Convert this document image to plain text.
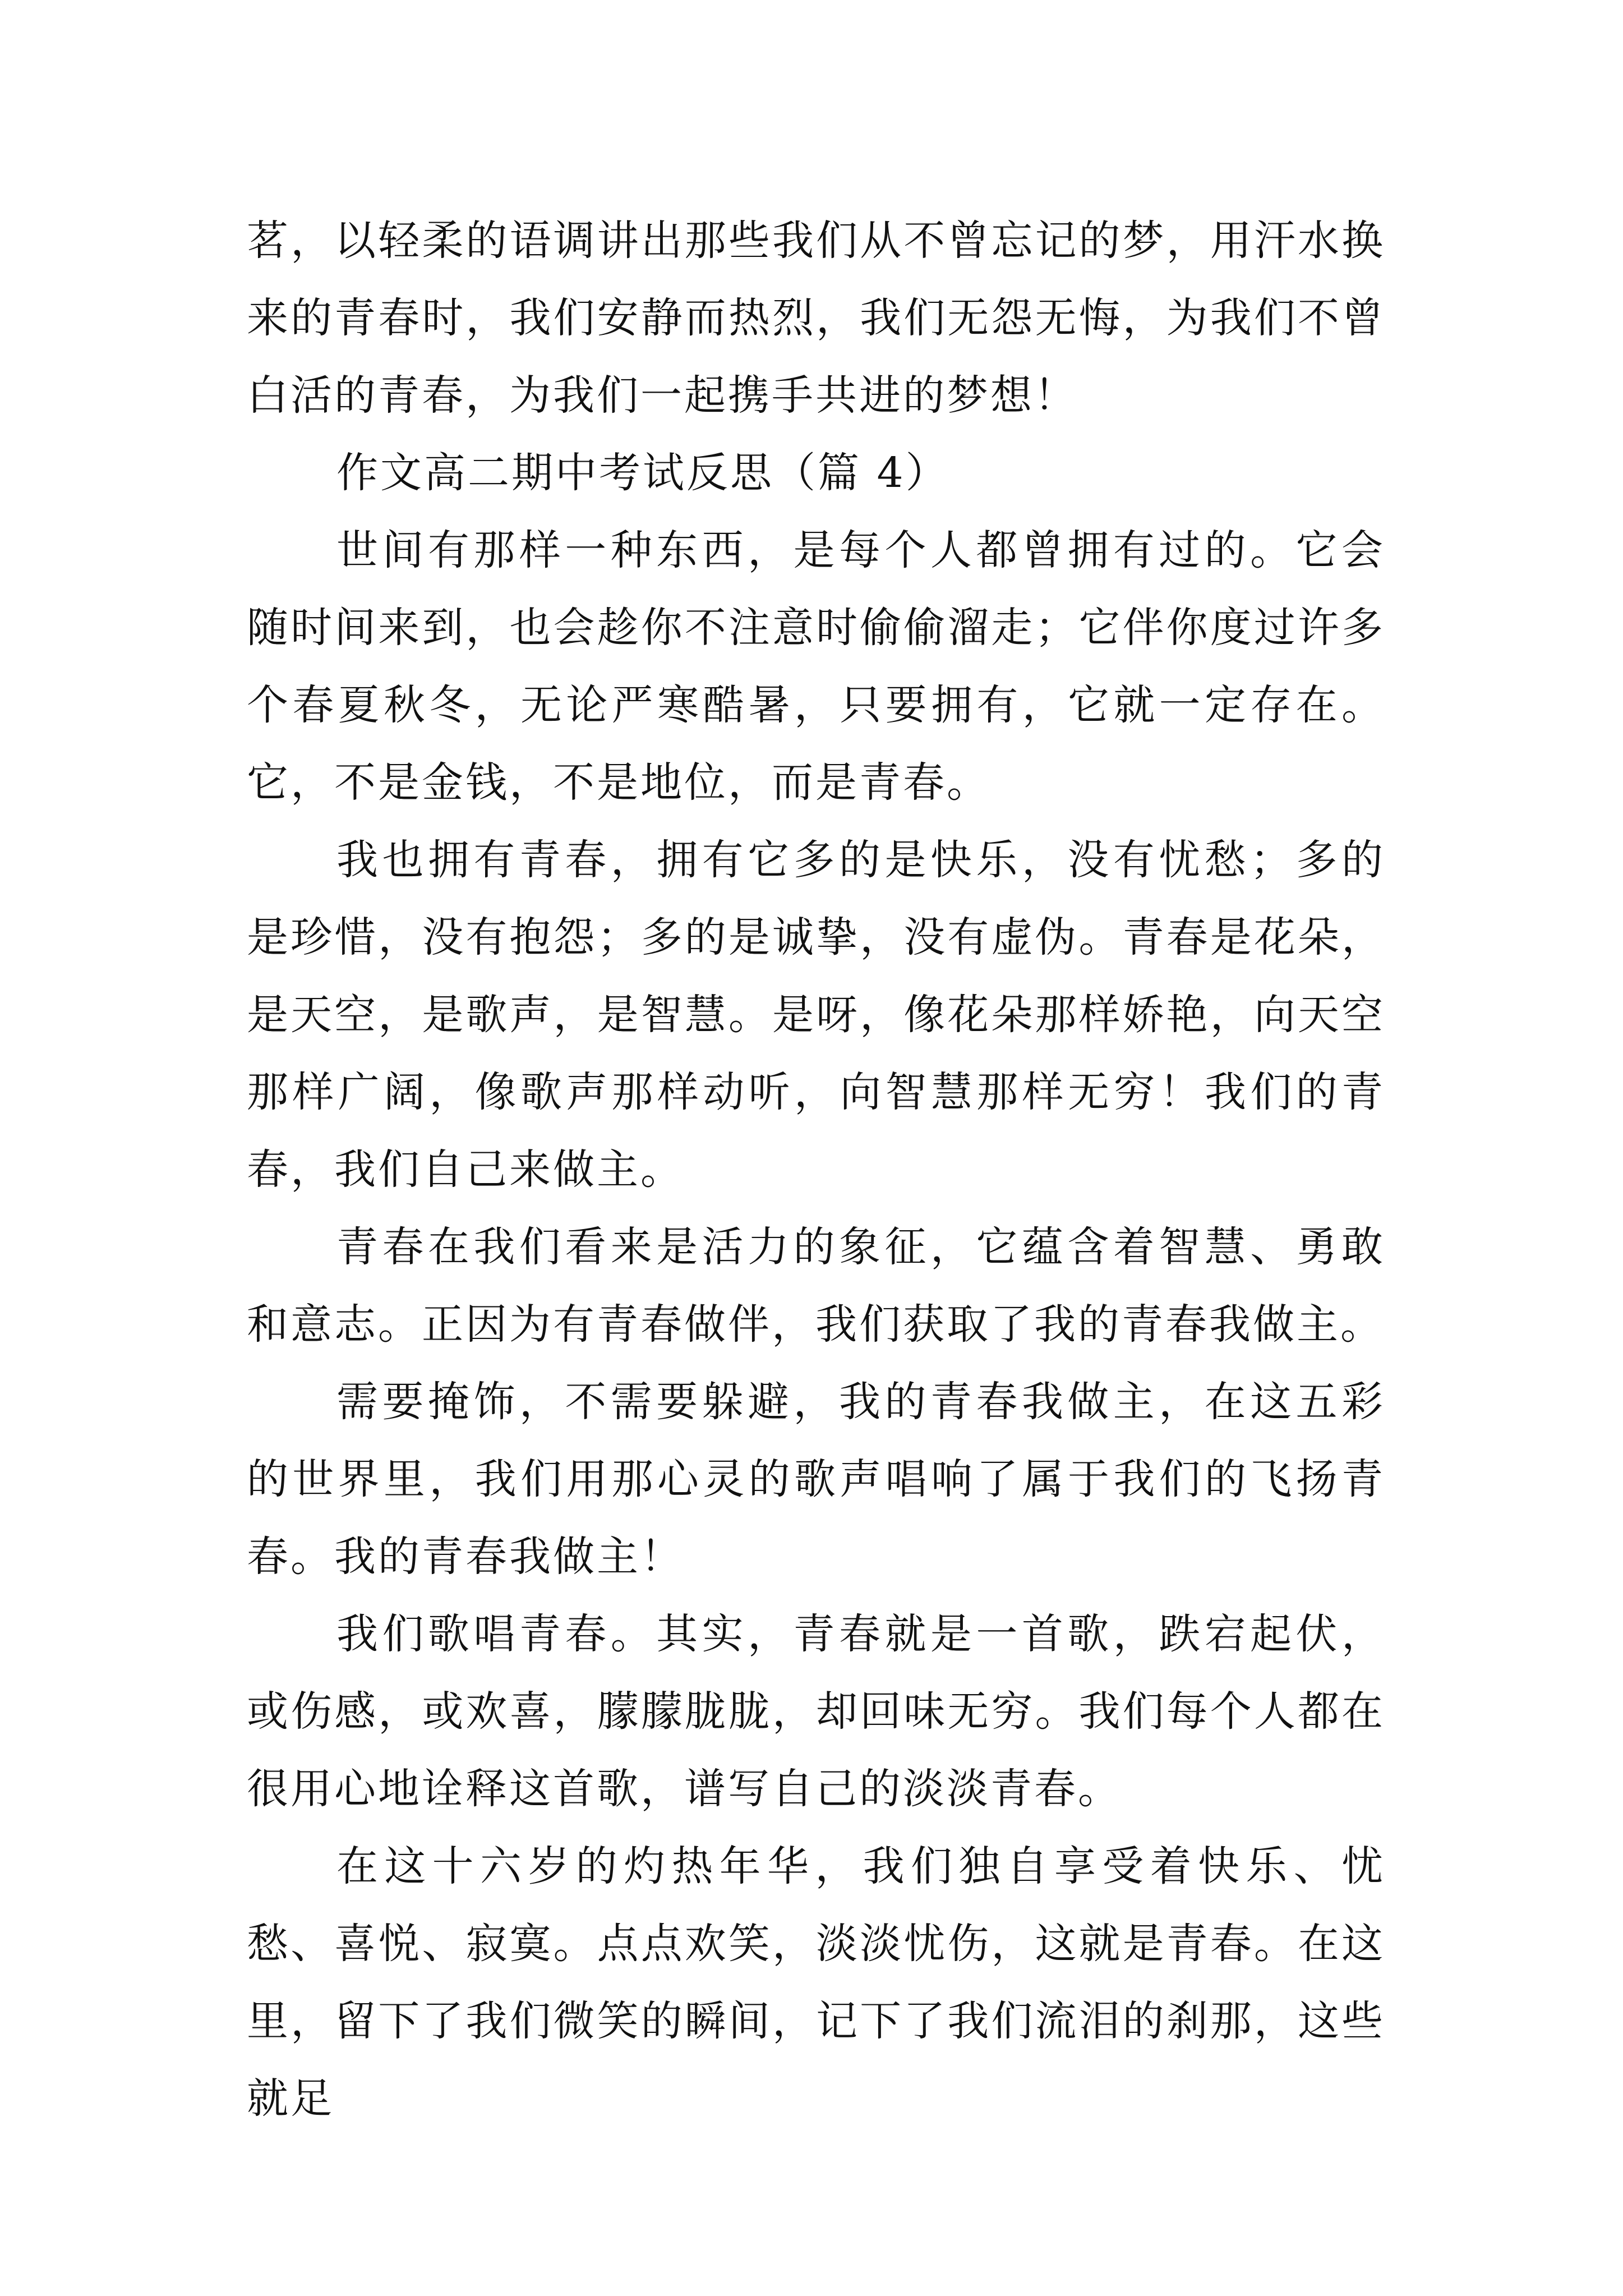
茗，以轻柔的语调讲出那些我们从不曾忘记的梦，用汗水换来的青春时，我们安静而热烈，我们无怨无悔，为我们不曾白活的青春，为我们一起携手共进的梦想！

作文高二期中考试反思（篇 4）

世间有那样一种东西，是每个人都曾拥有过的。它会随时间来到，也会趁你不注意时偷偷溜走；它伴你度过许多个春夏秋冬，无论严寒酷暑，只要拥有，它就一定存在。它，不是金钱，不是地位，而是青春。

我也拥有青春，拥有它多的是快乐，没有忧愁；多的是珍惜，没有抱怨；多的是诚挚，没有虚伪。青春是花朵，是天空，是歌声，是智慧。是呀，像花朵那样娇艳，向天空那样广阔，像歌声那样动听，向智慧那样无穷！我们的青春，我们自己来做主。

青春在我们看来是活力的象征，它蕴含着智慧、勇敢和意志。正因为有青春做伴，我们获取了我的青春我做主。

需要掩饰，不需要躲避，我的青春我做主，在这五彩的世界里，我们用那心灵的歌声唱响了属于我们的飞扬青春。我的青春我做主！

我们歌唱青春。其实，青春就是一首歌，跌宕起伏，或伤感，或欢喜，朦朦胧胧，却回味无穷。我们每个人都在很用心地诠释这首歌，谱写自己的淡淡青春。

在这十六岁的灼热年华，我们独自享受着快乐、忧愁、喜悦、寂寞。点点欢笑，淡淡忧伤，这就是青春。在这里，留下了我们微笑的瞬间，记下了我们流泪的刹那，这些就足
